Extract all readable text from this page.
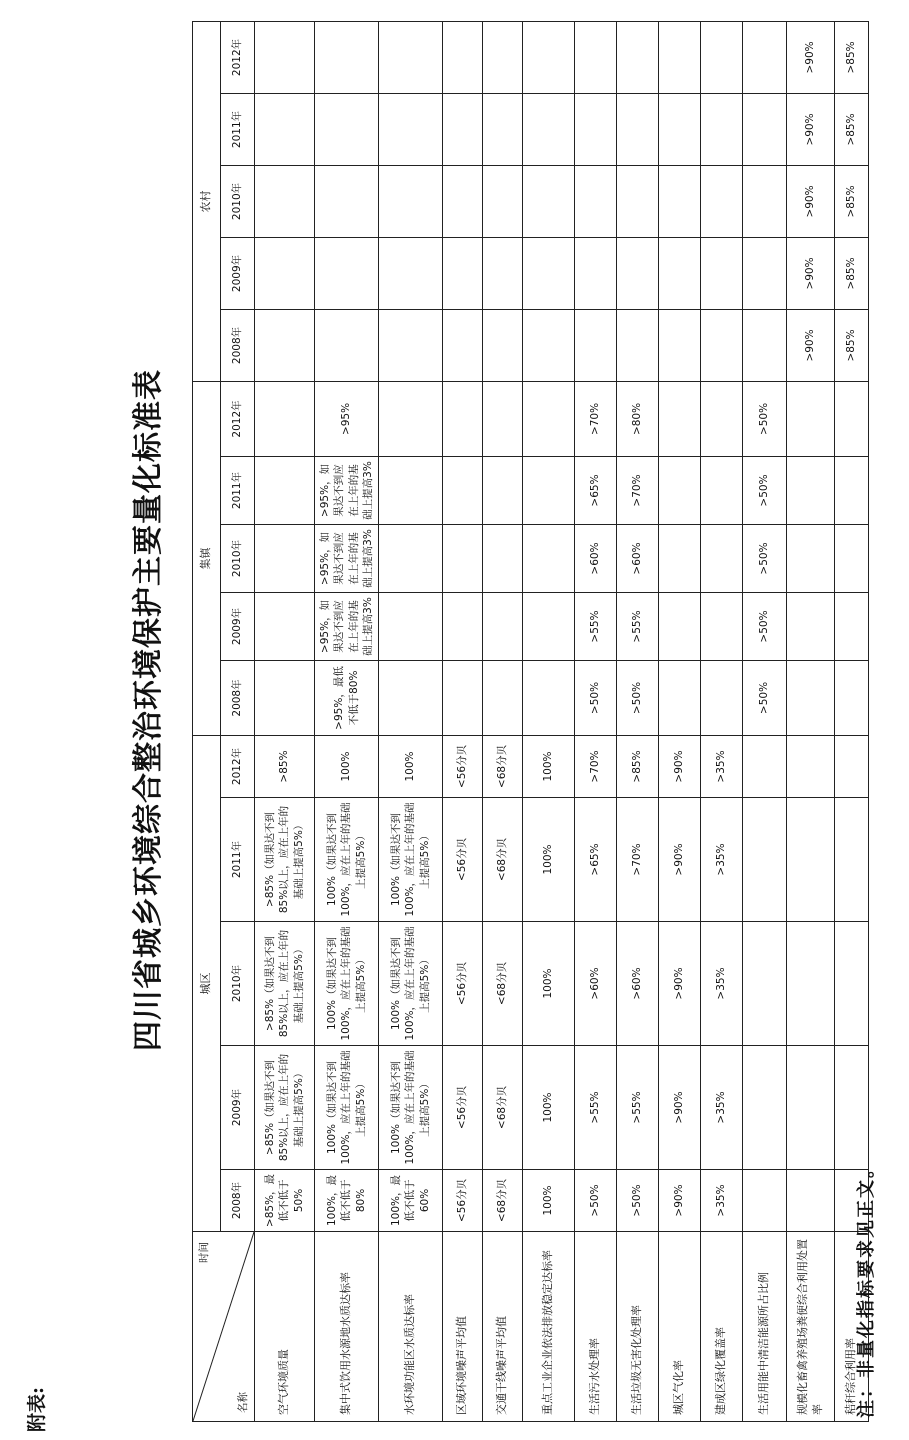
附表:
四川省城乡环境综合整治环境保护主要量化标准表
时间
名称	城区					集镇					农村				
	2008年	2009年	2010年	2011年	2012年	2008年	2009年	2010年	2011年	2012年	2008年	2009年	2010年	2011年	2012年
空气环境质量	>85%，最低不低于50%	>85%（如果达不到85%以上，应在上年的基础上提高5%）	>85%（如果达不到85%以上，应在上年的基础上提高5%）	>85%（如果达不到85%以上，应在上年的基础上提高5%）	>85%										
集中式饮用水源地水质达标率	100%，最低不低于80%	100%（如果达不到100%，应在上年的基础上提高5%）	100%（如果达不到100%，应在上年的基础上提高5%）	100%（如果达不到100%，应在上年的基础上提高5%）	100%	>95%，最低不低于80%	>95%，如果达不到应在上年的基础上提高3%	>95%，如果达不到应在上年的基础上提高3%	>95%，如果达不到应在上年的基础上提高3%	>95%					
水环境功能区水质达标率	100%，最低不低于60%	100%（如果达不到100%，应在上年的基础上提高5%）	100%（如果达不到100%，应在上年的基础上提高5%）	100%（如果达不到100%，应在上年的基础上提高5%）	100%										
区域环境噪声平均值	<56分贝	<56分贝	<56分贝	<56分贝	<56分贝										
交通干线噪声平均值	<68分贝	<68分贝	<68分贝	<68分贝	<68分贝										
重点工业企业依法排放稳定达标率	100%	100%	100%	100%	100%										
生活污水处理率	>50%	>55%	>60%	>65%	>70%	>50%	>55%	>60%	>65%	>70%					
生活垃圾无害化处理率	>50%	>55%	>60%	>70%	>85%	>50%	>55%	>60%	>70%	>80%					
城区气化率	>90%	>90%	>90%	>90%	>90%										
建成区绿化覆盖率	>35%	>35%	>35%	>35%	>35%										
生活用能中清洁能源所占比例						>50%	>50%	>50%	>50%	>50%					
规模化畜禽养殖场粪便综合利用处置率											>90%	>90%	>90%	>90%	>90%
秸秆综合利用率											>85%	>85%	>85%	>85%	>85%
注：非量化指标要求见正文。
